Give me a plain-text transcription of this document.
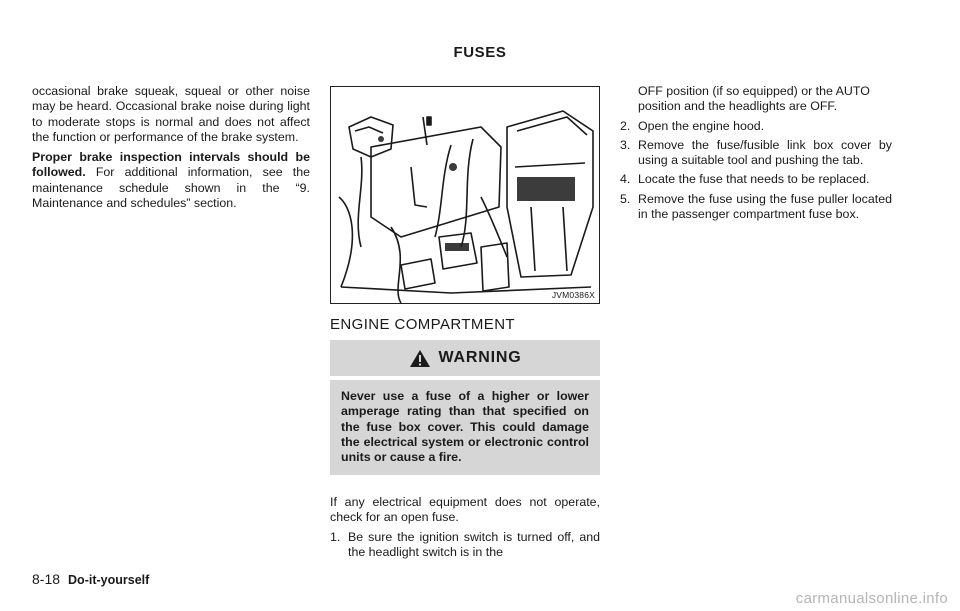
FUSES

occasional brake squeak, squeal or other noise may be heard. Occasional brake noise during light to moderate stops is normal and does not affect the function or performance of the brake system.

Proper brake inspection intervals should be followed. For additional information, see the maintenance schedule shown in the “9. Maintenance and schedules” section.

JVM0386X
ENGINE COMPARTMENT
WARNING
Never use a fuse of a higher or lower amperage rating than that specified on the fuse box cover. This could damage the electrical system or electronic control units or cause a fire.

If any electrical equipment does not operate, check for an open fuse.

1. Be sure the ignition switch is turned off, and the headlight switch is in the
OFF position (if so equipped) or the AUTO position and the headlights are OFF.
2. Open the engine hood.
3. Remove the fuse/fusible link box cover by using a suitable tool and pushing the tab.
4. Locate the fuse that needs to be replaced.
5. Remove the fuse using the fuse puller located in the passenger compartment fuse box.
8-18 Do-it-yourself
carmanualsonline.info
